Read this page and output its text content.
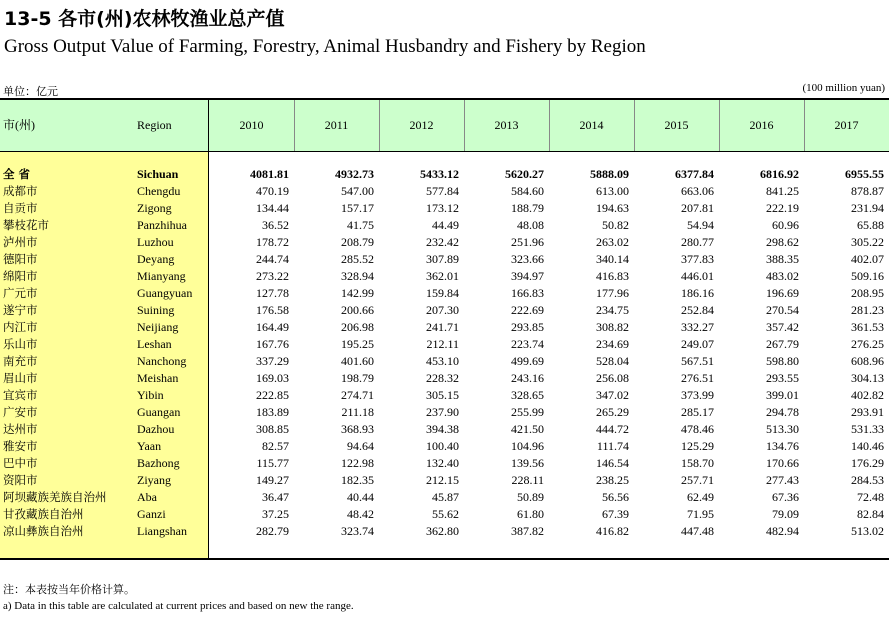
13-5 各市(州)农林牧渔业总产值
Gross Output Value of Farming, Forestry, Animal Husbandry and Fishery by Region
单位：亿元	(100 million yuan)
市(州)	Region	2010	2011	2012	2013	2014	2015	2016	2017
全 省	Sichuan	4081.81	4932.73	5433.12	5620.27	5888.09	6377.84	6816.92	6955.55
成都市	Chengdu	470.19	547.00	577.84	584.60	613.00	663.06	841.25	878.87
自贡市	Zigong	134.44	157.17	173.12	188.79	194.63	207.81	222.19	231.94
攀枝花市	Panzhihua	36.52	41.75	44.49	48.08	50.82	54.94	60.96	65.88
泸州市	Luzhou	178.72	208.79	232.42	251.96	263.02	280.77	298.62	305.22
德阳市	Deyang	244.74	285.52	307.89	323.66	340.14	377.83	388.35	402.07
绵阳市	Mianyang	273.22	328.94	362.01	394.97	416.83	446.01	483.02	509.16
广元市	Guangyuan	127.78	142.99	159.84	166.83	177.96	186.16	196.69	208.95
遂宁市	Suining	176.58	200.66	207.30	222.69	234.75	252.84	270.54	281.23
内江市	Neijiang	164.49	206.98	241.71	293.85	308.82	332.27	357.42	361.53
乐山市	Leshan	167.76	195.25	212.11	223.74	234.69	249.07	267.79	276.25
南充市	Nanchong	337.29	401.60	453.10	499.69	528.04	567.51	598.80	608.96
眉山市	Meishan	169.03	198.79	228.32	243.16	256.08	276.51	293.55	304.13
宜宾市	Yibin	222.85	274.71	305.15	328.65	347.02	373.99	399.01	402.82
广安市	Guangan	183.89	211.18	237.90	255.99	265.29	285.17	294.78	293.91
达州市	Dazhou	308.85	368.93	394.38	421.50	444.72	478.46	513.30	531.33
雅安市	Yaan	82.57	94.64	100.40	104.96	111.74	125.29	134.76	140.46
巴中市	Bazhong	115.77	122.98	132.40	139.56	146.54	158.70	170.66	176.29
资阳市	Ziyang	149.27	182.35	212.15	228.11	238.25	257.71	277.43	284.53
阿坝藏族羌族自治州	Aba	36.47	40.44	45.87	50.89	56.56	62.49	67.36	72.48
甘孜藏族自治州	Ganzi	37.25	48.42	55.62	61.80	67.39	71.95	79.09	82.84
凉山彝族自治州	Liangshan	282.79	323.74	362.80	387.82	416.82	447.48	482.94	513.02
注：本表按当年价格计算。
a) Data in this table are calculated at current prices and based on new the range.
